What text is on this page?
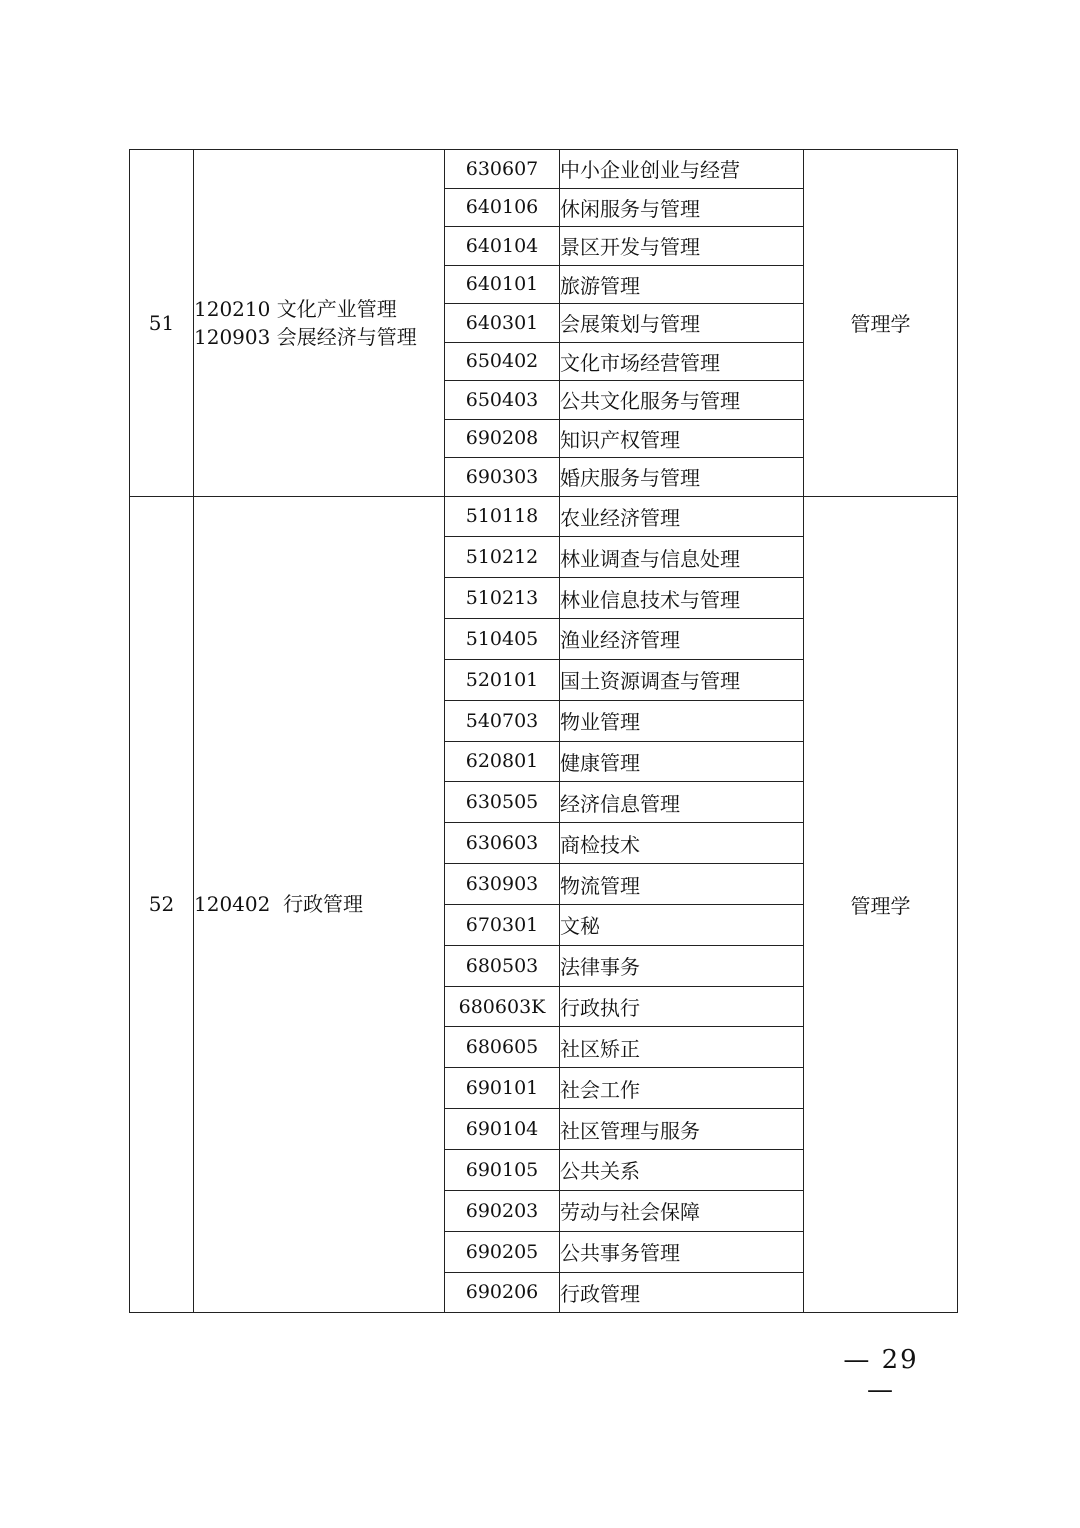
51	120210 文化产业管理
120903 会展经济与管理	630607	中小企业创业与经营	管理学
		640106	休闲服务与管理	
		640104	景区开发与管理	
		640101	旅游管理	
		640301	会展策划与管理	
		650402	文化市场经营管理	
		650403	公共文化服务与管理	
		690208	知识产权管理	
		690303	婚庆服务与管理	
52	120402  行政管理	510118	农业经济管理	管理学
		510212	林业调查与信息处理	
		510213	林业信息技术与管理	
		510405	渔业经济管理	
		520101	国土资源调查与管理	
		540703	物业管理	
		620801	健康管理	
		630505	经济信息管理	
		630603	商检技术	
		630903	物流管理	
		670301	文秘	
		680503	法律事务	
		680603K	行政执行	
		680605	社区矫正	
		690101	社会工作	
		690104	社区管理与服务	
		690105	公共关系	
		690203	劳动与社会保障	
		690205	公共事务管理	
		690206	行政管理	
— 29 —
